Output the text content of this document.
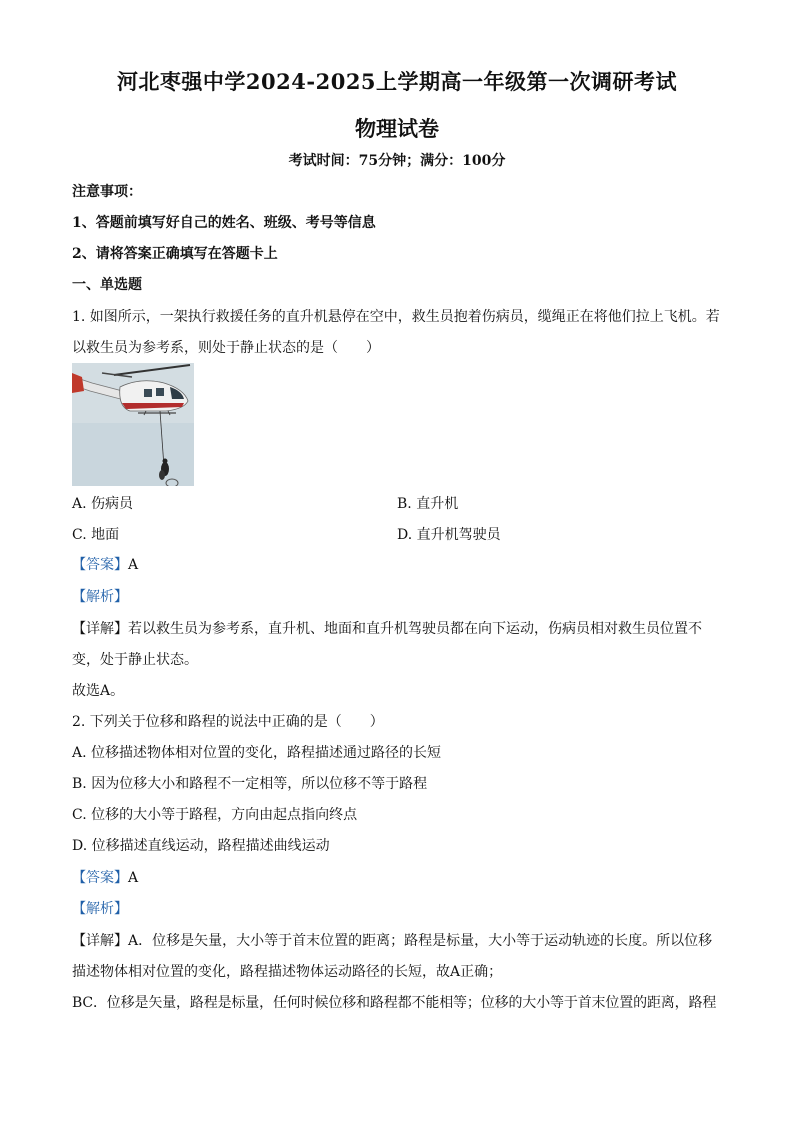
河北枣强中学2024-2025上学期高一年级第一次调研考试
物理试卷
考试时间：75分钟；满分：100分
注意事项：
1、答题前填写好自己的姓名、班级、考号等信息
2、请将答案正确填写在答题卡上
一、单选题
1. 如图所示，一架执行救援任务的直升机悬停在空中，救生员抱着伤病员，缆绳正在将他们拉上飞机。若
以救生员为参考系，则处于静止状态的是（　　）
A. 伤病员	B. 直升机
C. 地面	D. 直升机驾驶员
【答案】A
【解析】
【详解】若以救生员为参考系，直升机、地面和直升机驾驶员都在向下运动，伤病员相对救生员位置不
变，处于静止状态。
故选A。
2. 下列关于位移和路程的说法中正确的是（　　）
A. 位移描述物体相对位置的变化，路程描述通过路径的长短
B. 因为位移大小和路程不一定相等，所以位移不等于路程
C. 位移的大小等于路程，方向由起点指向终点
D. 位移描述直线运动，路程描述曲线运动
【答案】A
【解析】
【详解】A．位移是矢量，大小等于首末位置的距离；路程是标量，大小等于运动轨迹的长度。所以位移
描述物体相对位置的变化，路程描述物体运动路径的长短，故A正确；
BC．位移是矢量，路程是标量，任何时候位移和路程都不能相等；位移的大小等于首末位置的距离，路程
